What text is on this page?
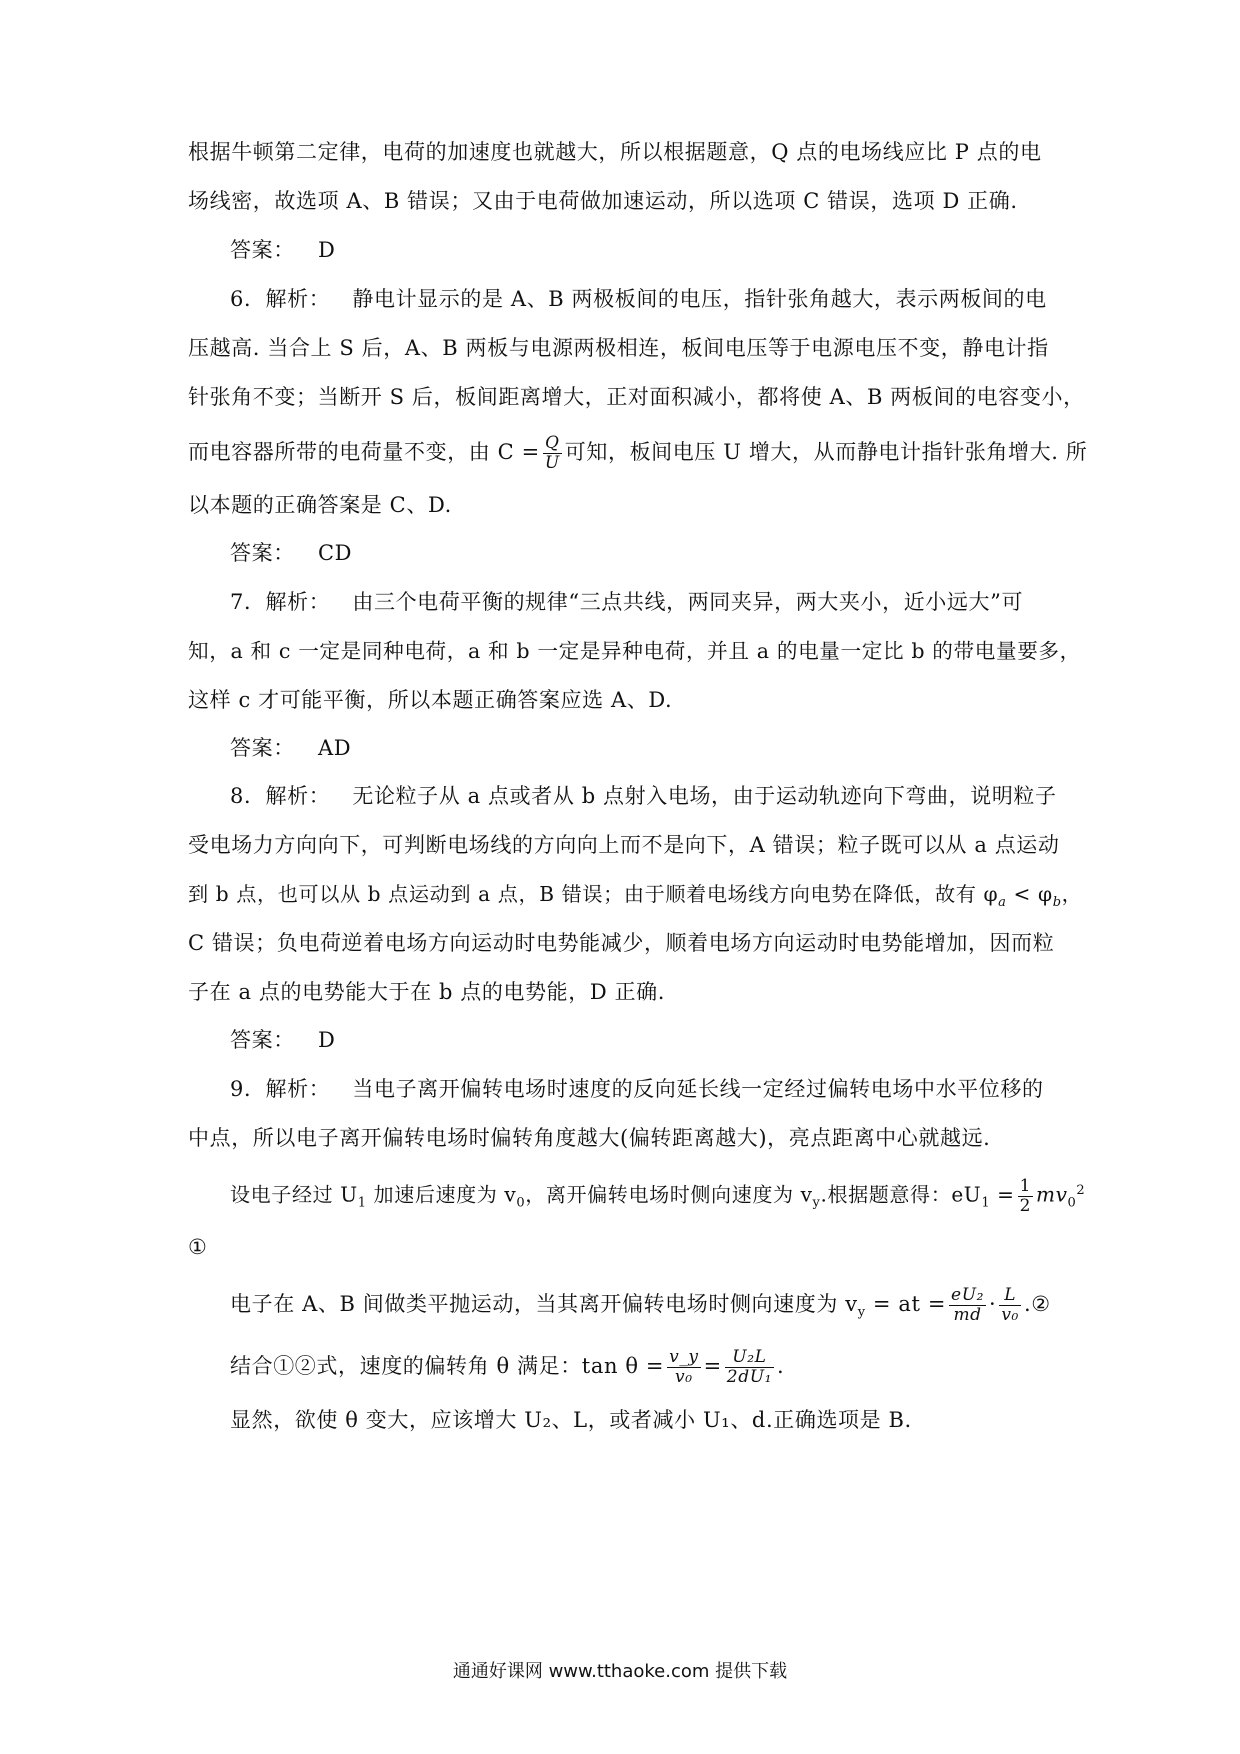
根据牛顿第二定律，电荷的加速度也就越大，所以根据题意，Q 点的电场线应比 P 点的电
场线密，故选项 A、B 错误；又由于电荷做加速运动，所以选项 C 错误，选项 D 正确.
答案： D
6．解析： 静电计显示的是 A、B 两极板间的电压，指针张角越大，表示两板间的电
压越高. 当合上 S 后，A、B 两板与电源两极相连，板间电压等于电源电压不变，静电计指
针张角不变；当断开 S 后，板间距离增大，正对面积减小，都将使 A、B 两板间的电容变小，
而电容器所带的电荷量不变，由 $C = \frac{Q}{U}$ 可知，板间电压 U 增大，从而静电计指针张角增大. 所
以本题的正确答案是 C、D.
答案： CD
7．解析： 由三个电荷平衡的规律“三点共线，两同夹异，两大夹小，近小远大”可
知，a 和 c 一定是同种电荷，a 和 b 一定是异种电荷，并且 a 的电量一定比 b 的带电量要多，
这样 c 才可能平衡，所以本题正确答案应选 A、D.
答案： AD
8．解析： 无论粒子从 a 点或者从 b 点射入电场，由于运动轨迹向下弯曲，说明粒子
受电场力方向向下，可判断电场线的方向向上而不是向下，A 错误；粒子既可以从 a 点运动
到 b 点，也可以从 b 点运动到 a 点，B 错误；由于顺着电场线方向电势在降低，故有 $\varphi_a < \varphi_b$，
C 错误；负电荷逆着电场方向运动时电势能减少，顺着电场方向运动时电势能增加，因而粒
子在 a 点的电势能大于在 b 点的电势能，D 正确.
答案： D
9．解析： 当电子离开偏转电场时速度的反向延长线一定经过偏转电场中水平位移的
中点，所以电子离开偏转电场时偏转角度越大(偏转距离越大)，亮点距离中心就越远.
设电子经过 $U_1$ 加速后速度为 $v_0$，离开偏转电场时侧向速度为 $v_y$.根据题意得：$eU_1 = \frac{1}{2} mv_0^2$
①
电子在 A、B 间做类平抛运动，当其离开偏转电场时侧向速度为 $v_y$ = at = $\frac{\text{eU₂}}{md} \cdot \frac{L}{\text{v₀}}$ .②
结合①②式，速度的偏转角 θ 满足：$\tan \theta = \frac{v\_y}{\text{v₀}} = \frac{\text{U₂L}}{\text{2dU₁}}$ .
显然，欲使 θ 变大，应该增大 U₂、L，或者减小 U₁、d.正确选项是 B.
通通好课网 www.tthaoke.com 提供下载
